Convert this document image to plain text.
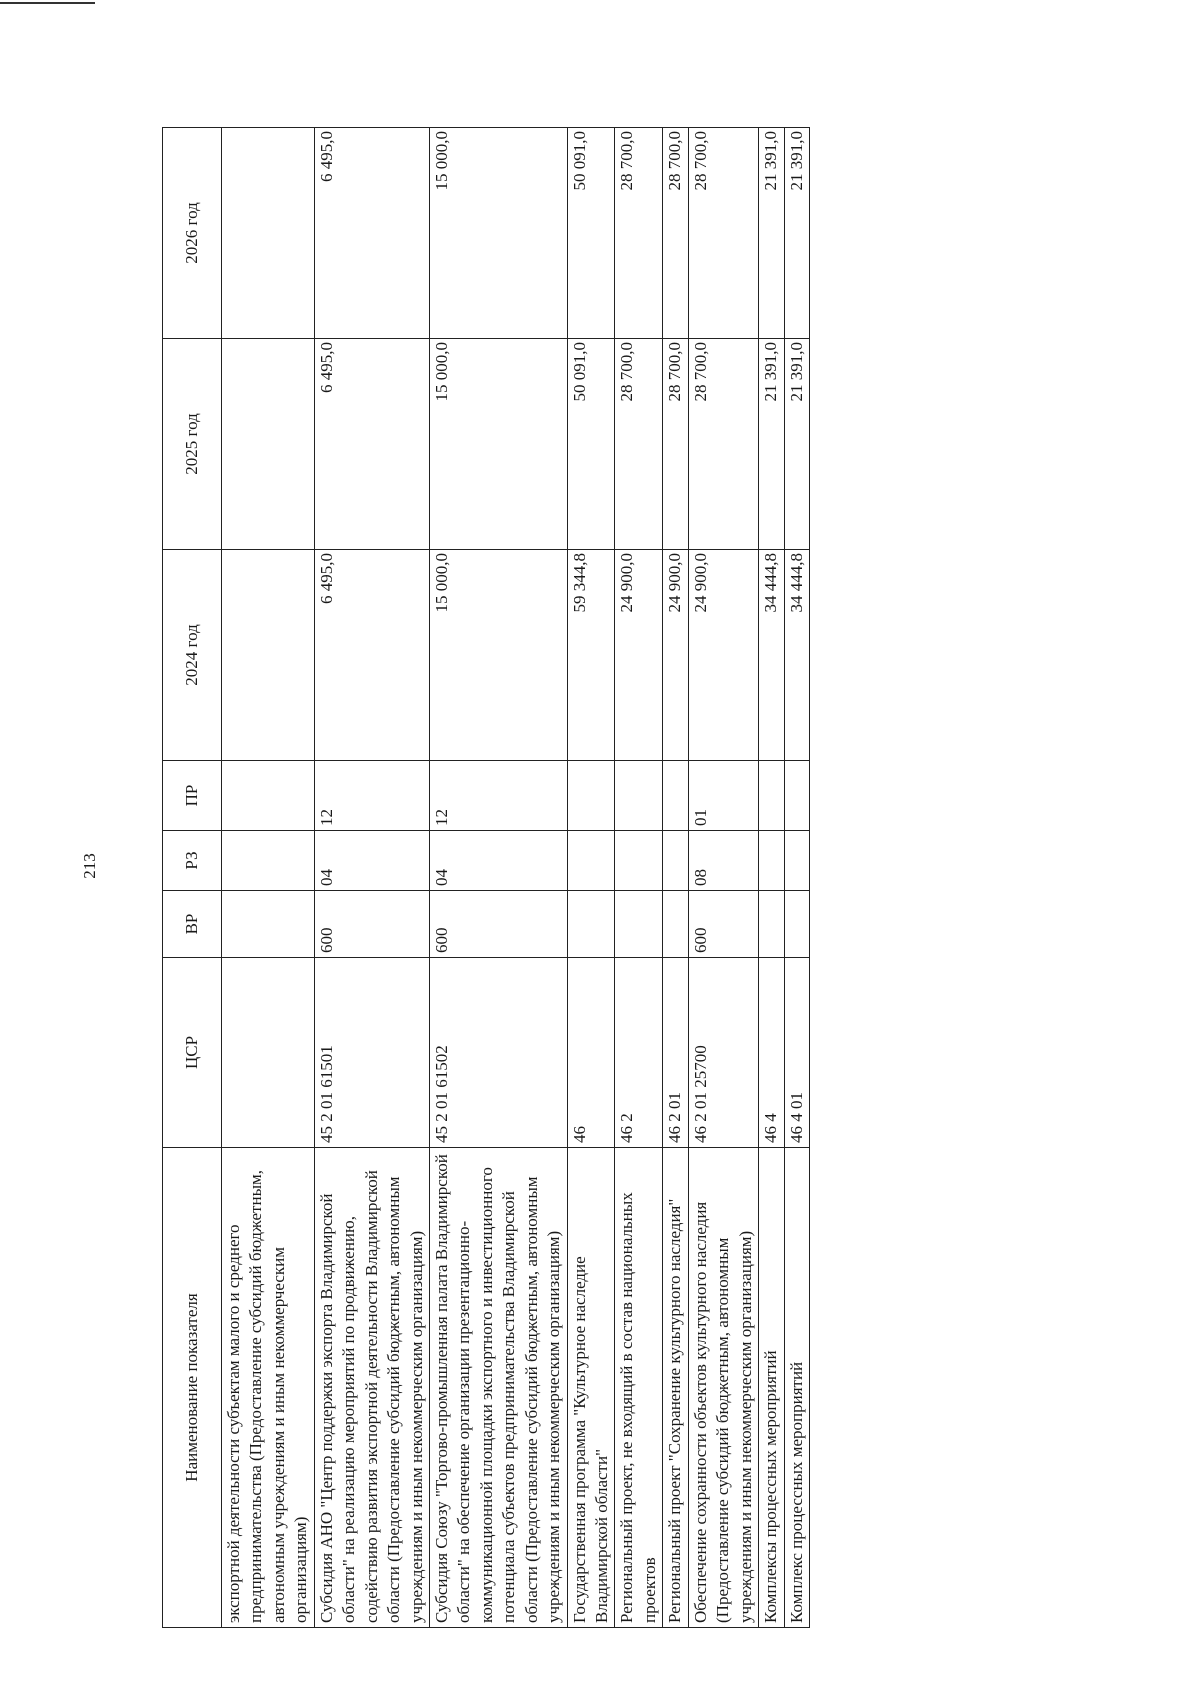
213
Наименование показателя	ЦСР	ВР	РЗ	ПР	2024 год	2025 год	2026 год
экспортной деятельности субъектам малого и среднего предпринимательства (Предоставление субсидий бюджетным, автономным учреждениям и иным некоммерческим организациям)							
Субсидия АНО "Центр поддержки экспорта Владимирской области" на реализацию мероприятий по продвижению, содействию развития экспортной деятельности Владимирской области (Предоставление субсидий бюджетным, автономным учреждениям и иным некоммерческим организациям)	45 2 01 61501	600	04	12	6 495,0	6 495,0	6 495,0
Субсидия Союзу "Торгово-промышленная палата Владимирской области" на обеспечение организации презентационно-коммуникационной площадки экспортного и инвестиционного потенциала субъектов предпринимательства Владимирской области (Предоставление субсидий бюджетным, автономным учреждениям и иным некоммерческим организациям)	45 2 01 61502	600	04	12	15 000,0	15 000,0	15 000,0
Государственная программа "Культурное наследие Владимирской области"	46				59 344,8	50 091,0	50 091,0
Региональный проект, не входящий в состав национальных проектов	46 2				24 900,0	28 700,0	28 700,0
Региональный проект "Сохранение культурного наследия"	46 2 01				24 900,0	28 700,0	28 700,0
Обеспечение сохранности объектов культурного наследия (Предоставление субсидий бюджетным, автономным учреждениям и иным некоммерческим организациям)	46 2 01 25700	600	08	01	24 900,0	28 700,0	28 700,0
Комплексы процессных мероприятий	46 4				34 444,8	21 391,0	21 391,0
Комплекс процессных мероприятий	46 4 01				34 444,8	21 391,0	21 391,0
